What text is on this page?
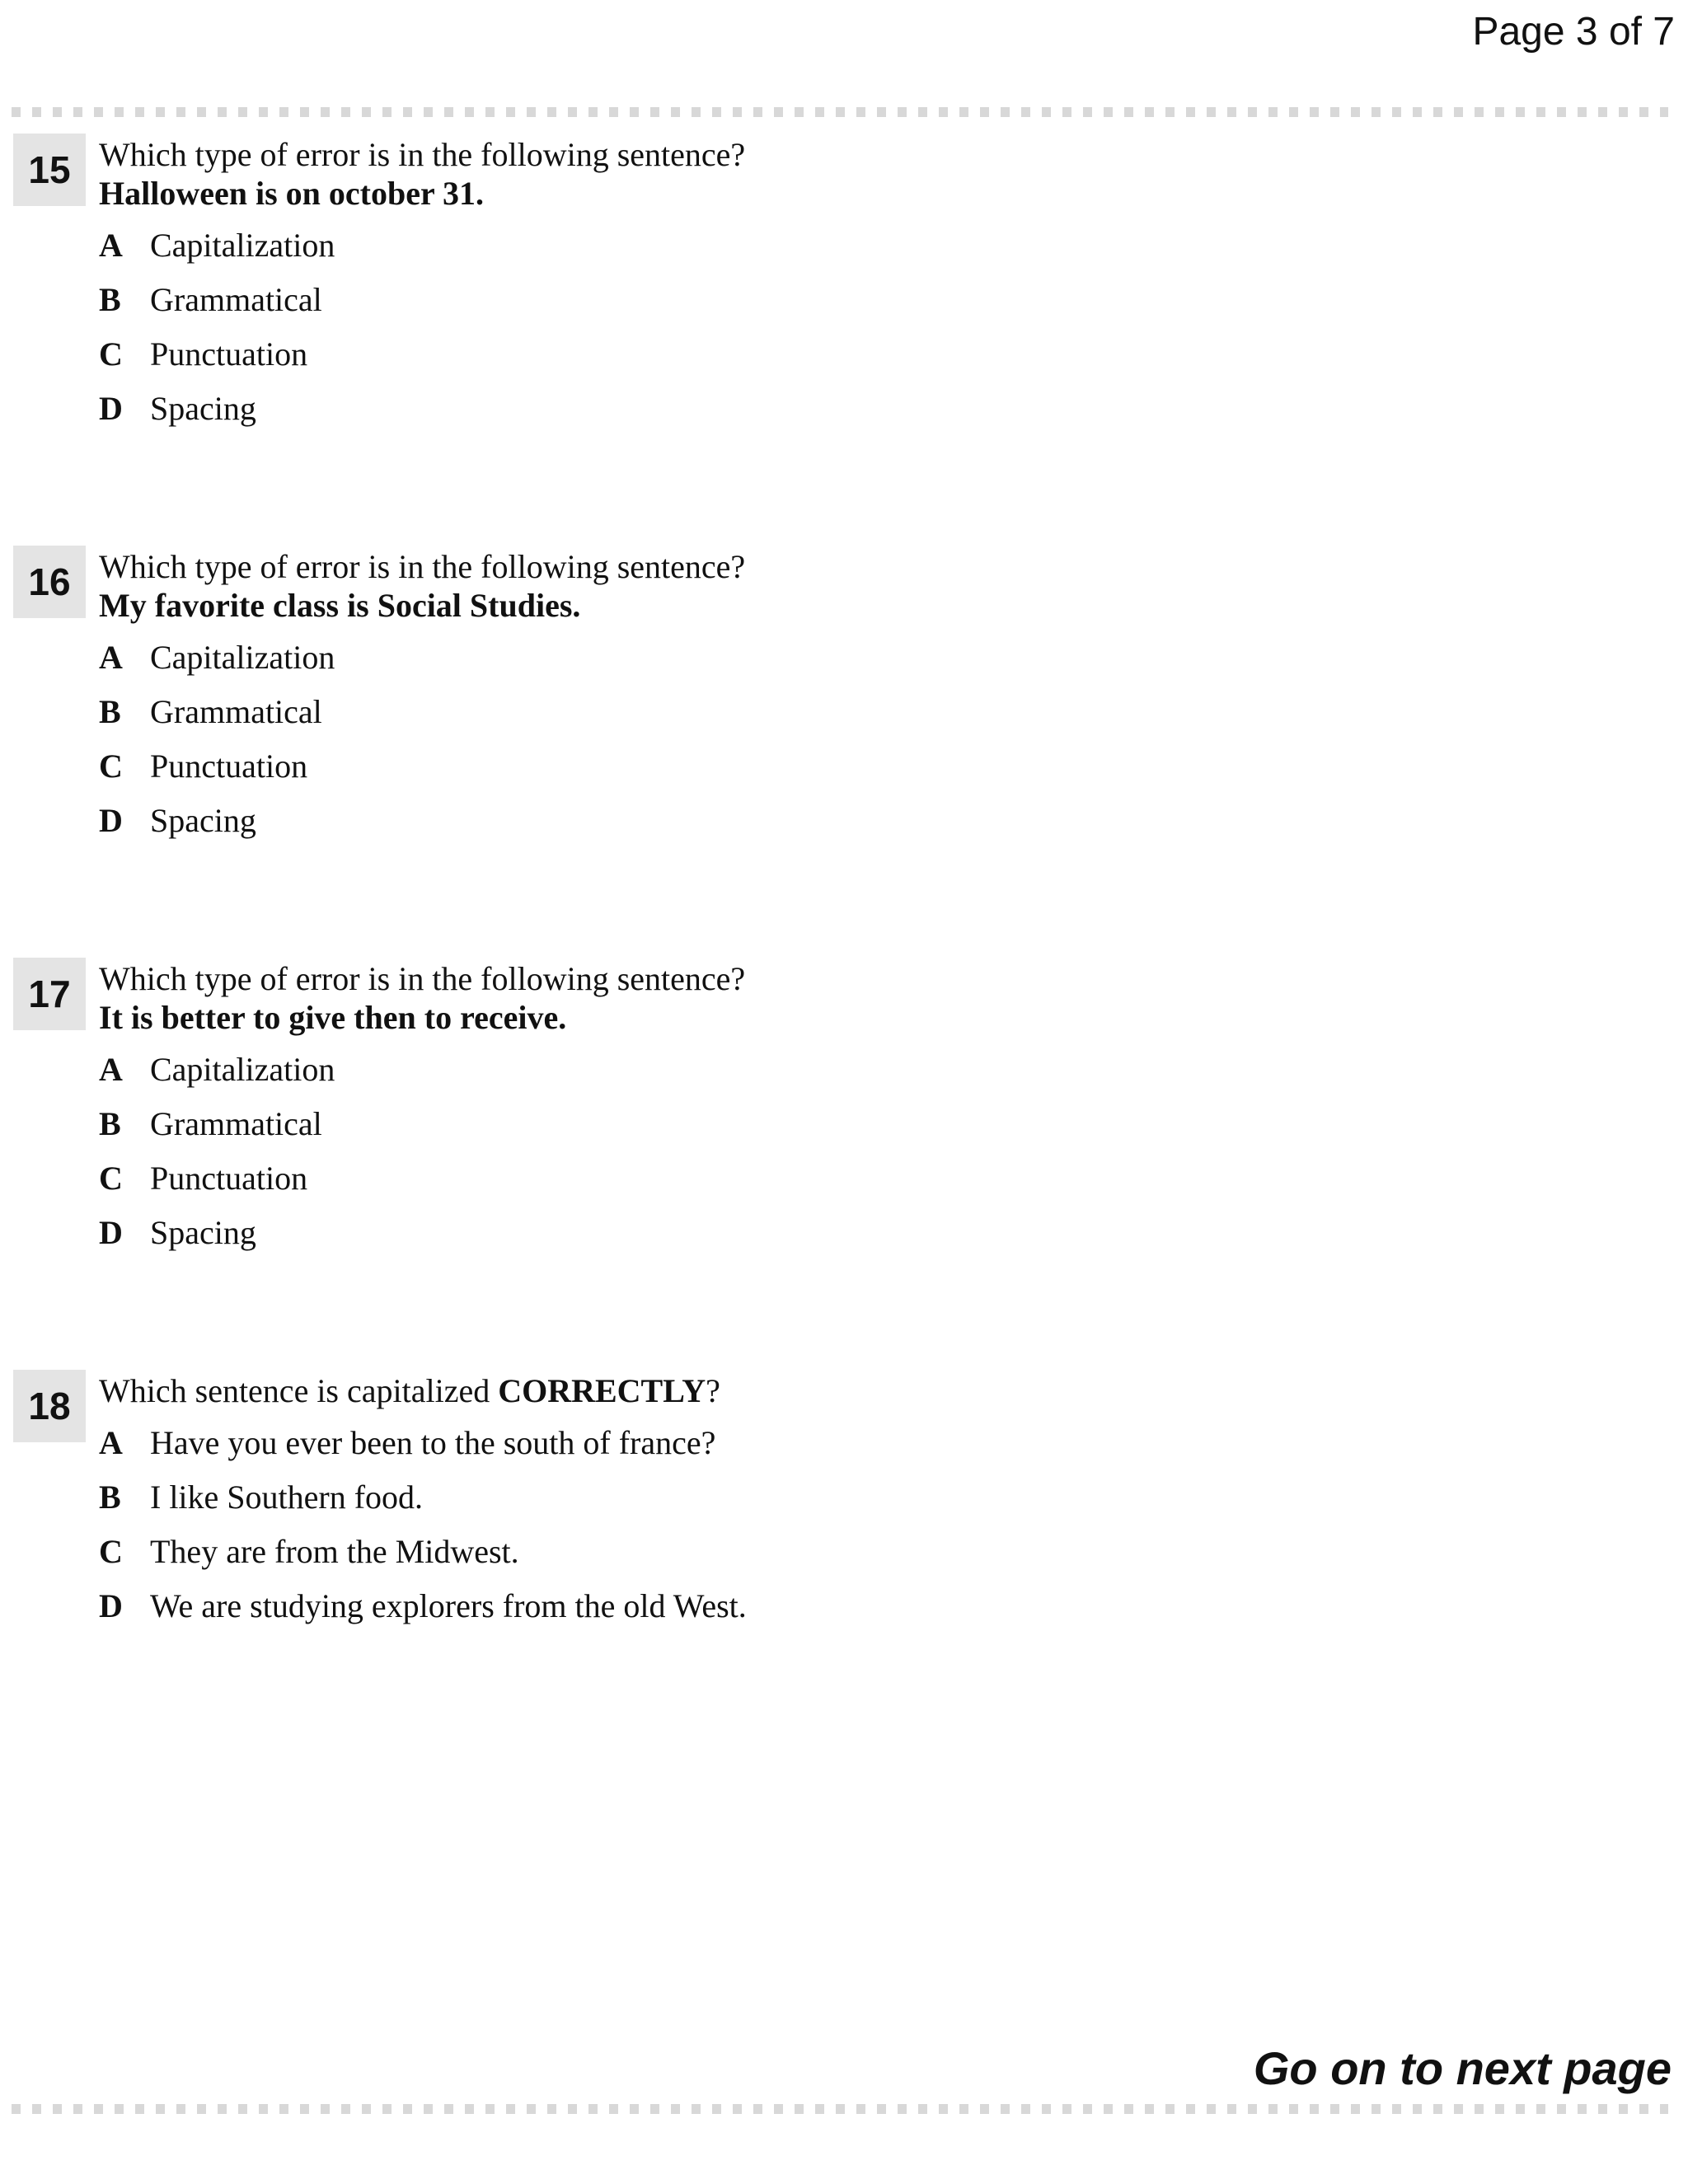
Page 3 of 7
15 Which type of error is in the following sentence?
Halloween is on october 31.
A Capitalization
B Grammatical
C Punctuation
D Spacing
16 Which type of error is in the following sentence?
My favorite class is Social Studies.
A Capitalization
B Grammatical
C Punctuation
D Spacing
17 Which type of error is in the following sentence?
It is better to give then to receive.
A Capitalization
B Grammatical
C Punctuation
D Spacing
18 Which sentence is capitalized CORRECTLY?
A Have you ever been to the south of france?
B I like Southern food.
C They are from the Midwest.
D We are studying explorers from the old West.
Go on to next page
